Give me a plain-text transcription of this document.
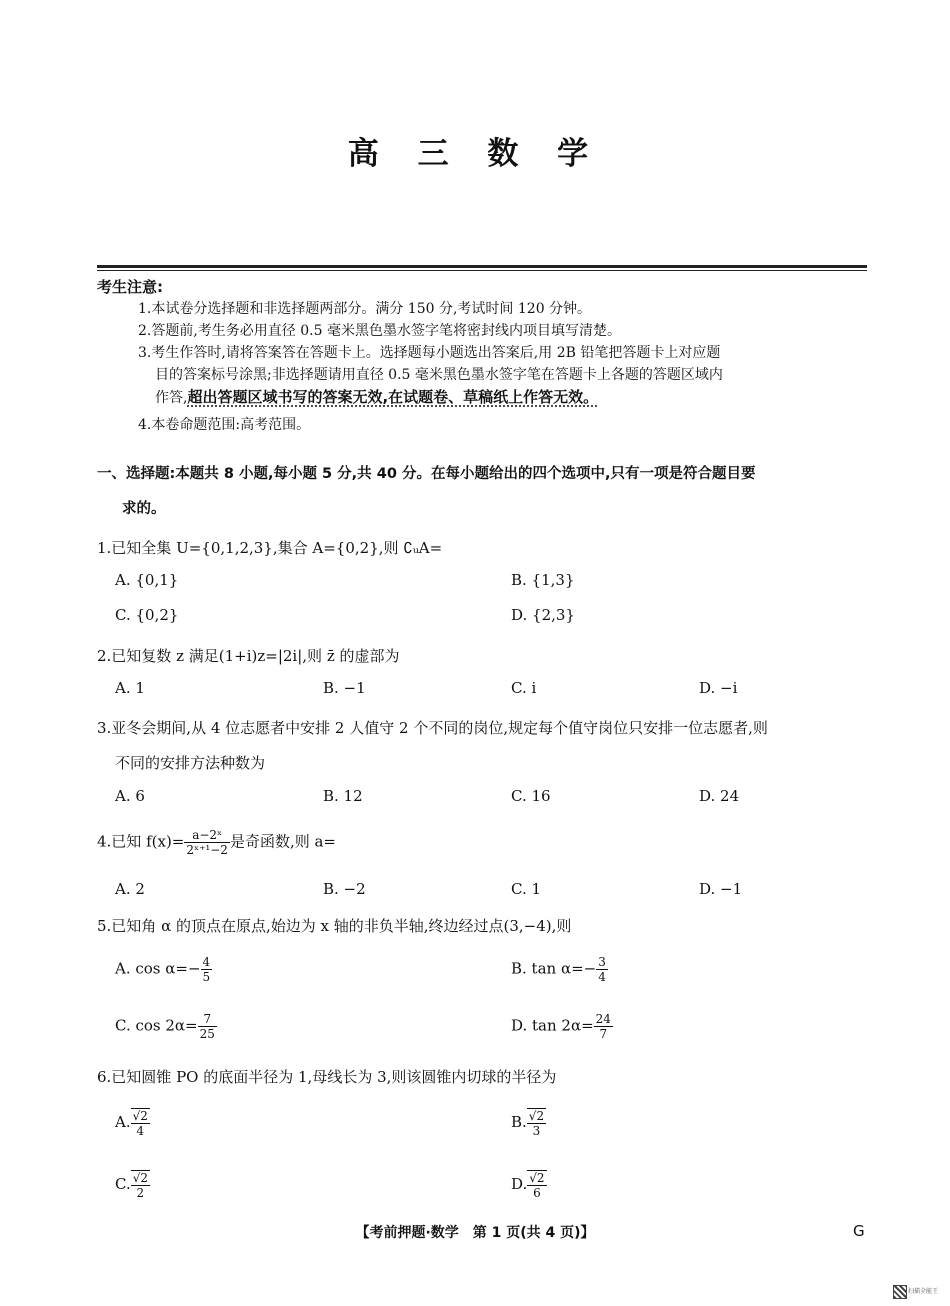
高 三 数 学
考生注意:
1.本试卷分选择题和非选择题两部分。满分 150 分,考试时间 120 分钟。
2.答题前,考生务必用直径 0.5 毫米黑色墨水签字笔将密封线内项目填写清楚。
3.考生作答时,请将答案答在答题卡上。选择题每小题选出答案后,用 2B 铅笔把答题卡上对应题
目的答案标号涂黑;非选择题请用直径 0.5 毫米黑色墨水签字笔在答题卡上各题的答题区域内
作答,超出答题区域书写的答案无效,在试题卷、草稿纸上作答无效。
4.本卷命题范围:高考范围。
一、选择题:本题共 8 小题,每小题 5 分,共 40 分。在每小题给出的四个选项中,只有一项是符合题目要
求的。
1.已知全集 U={0,1,2,3},集合 A={0,2},则 ∁ᵤA=
A. {0,1}	B. {1,3}
C. {0,2}	D. {2,3}
2.已知复数 z 满足(1+i)z=|2i|,则 z̄ 的虚部为
A. 1	B. −1	C. i	D. −i
3.亚冬会期间,从 4 位志愿者中安排 2 人值守 2 个不同的岗位,规定每个值守岗位只安排一位志愿者,则
不同的安排方法种数为
A. 6	B. 12	C. 16	D. 24
4.已知 $f(x)= \frac{\text{a−2ˣ}}{\text{2ˣ⁺¹−2}}$ 是奇函数,则 a=
A. 2	B. −2	C. 1	D. −1
5.已知角 α 的顶点在原点,始边为 x 轴的非负半轴,终边经过点(3,−4),则
A. $\cos \alpha=- \frac{4}{5}$	B. $\tan \alpha=- \frac{3}{4}$
C. $\cos 2\alpha= \frac{7}{25}$	D. $\tan 2\alpha= \frac{24}{7}$
6.已知圆锥 PO 的底面半径为 1,母线长为 3,则该圆锥内切球的半径为
A. $\frac{√2}{4}$	B. $\frac{√2}{3}$
C. $\frac{√2}{2}$	D. $\frac{√2}{6}$
【考前押题·数学　第 1 页(共 4 页)】	G
扫描全能王
